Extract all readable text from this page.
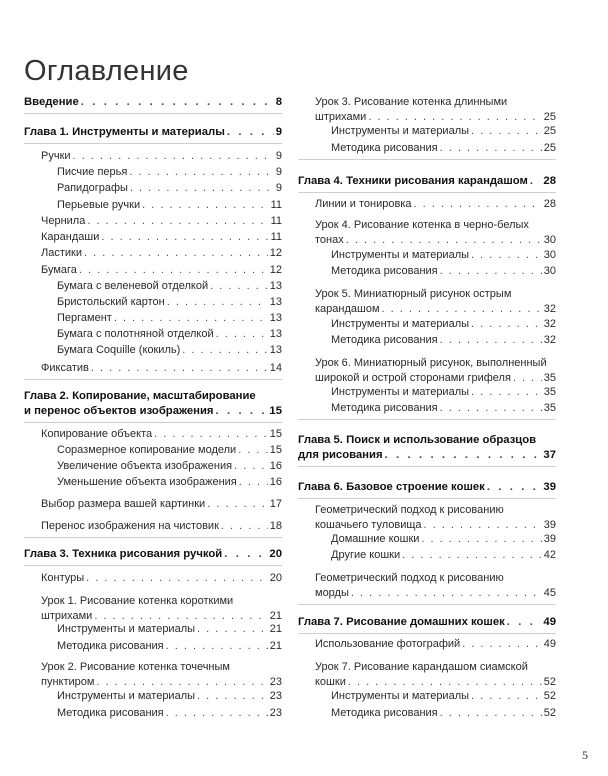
Оглавление
Введение . . .	8
Глава 1. Инструменты и материалы . . .	9
Ручки . . .	9
Писчие перья . . .	9
Рапидографы . . .	9
Перьевые ручки . . .	11
Чернила . . .	11
Карандаши . . .	11
Ластики . . .	12
Бумага . . .	12
Бумага с веленевой отделкой . . .	13
Бристольский картон . . .	13
Пергамент . . .	13
Бумага с полотняной отделкой . . .	13
Бумага Coquille (кокиль) . . .	13
Фиксатив . . .	14
Глава 2. Копирование, масштабирование
и перенос объектов изображения . . .	15
Копирование объекта . . .	15
Соразмерное копирование модели . . .	15
Увеличение объекта изображения . . .	16
Уменьшение объекта изображения . . .	16
Выбор размера вашей картинки . . .	17
Перенос изображения на чистовик . . .	18
Глава 3. Техника рисования ручкой . . .	20
Контуры . . .	20
Урок 1. Рисование котенка короткими
штрихами . . .	21
Инструменты и материалы . . .	21
Методика рисования . . .	21
Урок 2. Рисование котенка точечным
пунктиром . . .	23
Инструменты и материалы . . .	23
Методика рисования . . .	23
Урок 3. Рисование котенка длинными
штрихами . . .	25
Инструменты и материалы . . .	25
Методика рисования . . .	25
Глава 4. Техники рисования карандашом . . . 28
Линии и тонировка . . .	28
Урок 4. Рисование котенка в черно-белых
тонах . . .	30
Инструменты и материалы . . .	30
Методика рисования . . .	30
Урок 5. Миниатюрный рисунок острым
карандашом . . .	32
Инструменты и материалы . . .	32
Методика рисования . . .	32
Урок 6. Миниатюрный рисунок, выполненный
широкой и острой сторонами грифеля . . .	35
Инструменты и материалы . . .	35
Методика рисования . . .	35
Глава 5. Поиск и использование образцов
для рисования . . .	37
Глава 6. Базовое строение кошек . . .	39
Геометрический подход к рисованию
кошачьего туловища . . .	39
Домашние кошки . . .	39
Другие кошки . . .	42
Геометрический подход к рисованию
морды . . .	45
Глава 7. Рисование домашних кошек . . .	49
Использование фотографий . . .	49
Урок 7. Рисование карандашом сиамской
кошки . . .	52
Инструменты и материалы . . .	52
Методика рисования . . .	52
5
